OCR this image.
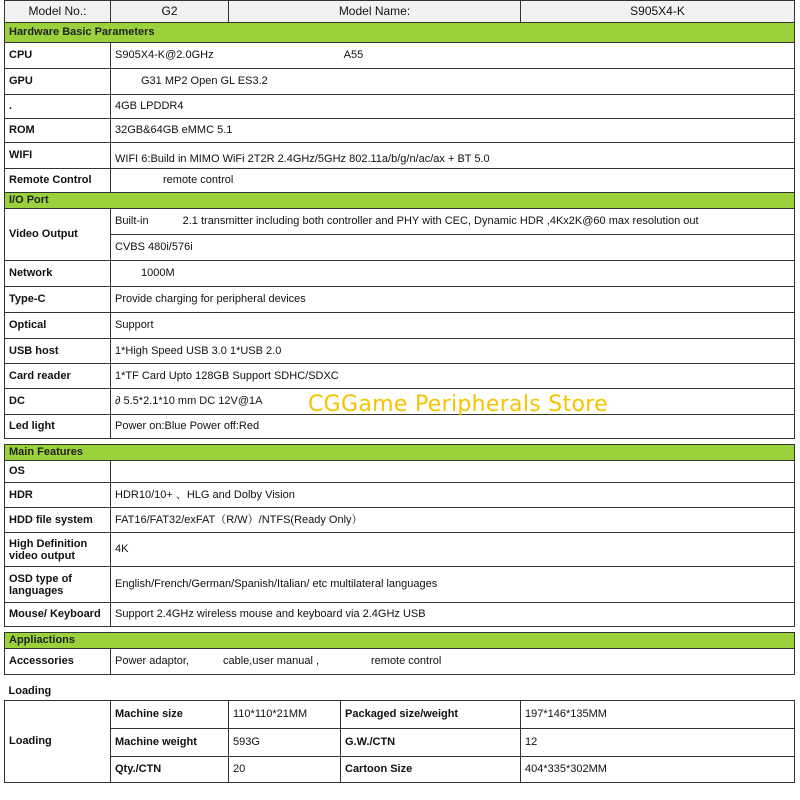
Model No.:	G2	Model Name:		S905X4-K
Hardware Basic Parameters				
CPU	S905X4-K@2.0GHz A55			
GPU	G31 MP2 Open GL ES3.2			
.	4GB LPDDR4			
ROM	32GB&64GB eMMC 5.1			
WIFI	WIFI 6:Build in MIMO WiFi 2T2R 2.4GHz/5GHz 802.11a/b/g/n/ac/ax + BT 5.0			
Remote Control	remote control			
I/O Port				
Video Output	Built-in 2.1 transmitter including both controller and PHY with CEC, Dynamic HDR ,4Kx2K@60 max resolution out			
	CVBS 480i/576i			
Network	1000M			
Type-C	Provide charging for peripheral devices			
Optical	Support			
USB host	1*High Speed USB 3.0 1*USB 2.0			
Card reader	1*TF Card Upto 128GB Support SDHC/SDXC			
DC	∂ 5.5*2.1*10 mm DC 12V@1A			
Led light	Power on:Blue Power off:Red			

Main Features				
OS				
HDR	HDR10/10+ 、HLG and Dolby Vision			
HDD file system	FAT16/FAT32/exFAT（R/W）/NTFS(Ready Only）			
High Definition video output	4K			
OSD type of languages	English/French/German/Spanish/Italian/ etc multilateral languages			
Mouse/ Keyboard	Support 2.4GHz wireless mouse and keyboard via 2.4GHz USB			

Appliactions				
Accessories	Power adaptor, cable,user manual , remote control			
Loading				
Loading	Machine size	110*110*21MM	Packaged size/weight	197*146*135MM
	Machine weight	593G	G.W./CTN	12
	Qty./CTN	20	Cartoon Size	404*335*302MM
CGGame Peripherals Store
